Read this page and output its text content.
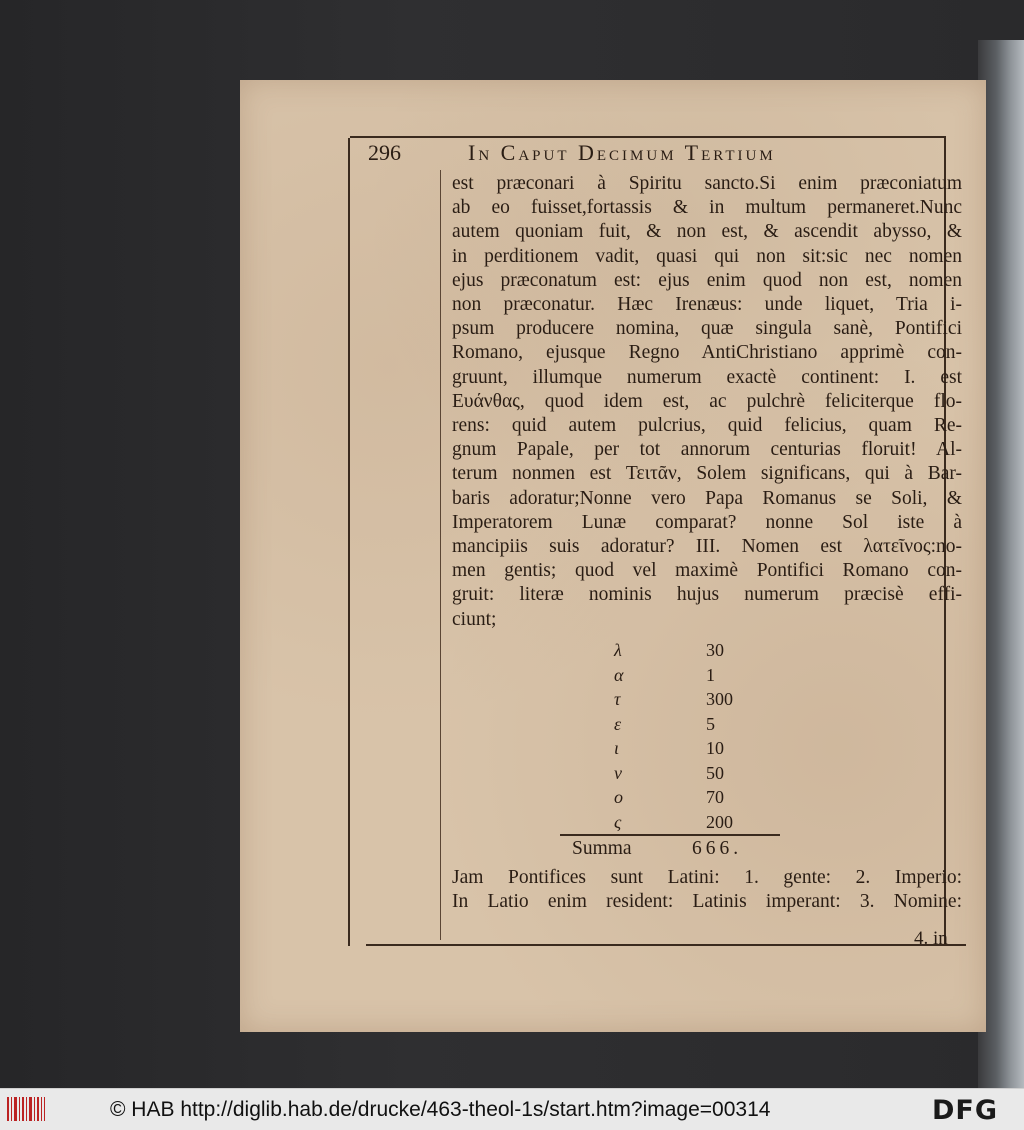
296	In Caput Decimum Tertium
est præconari à Spiritu sancto.Si enim præconiatum
ab eo fuisset,fortassis & in multum permaneret.Nunc
autem quoniam fuit, & non est, & ascendit abysso, &
in perditionem vadit, quasi qui non sit:sic nec nomen
ejus præconatum est: ejus enim quod non est, nomen
non præconatur. Hæc Irenæus: unde liquet, Tria i-
psum producere nomina, quæ singula sanè, Pontifici
Romano, ejusque Regno AntiChristiano apprimè con-
gruunt, illumque numerum exactè continent: I. est
Ευάνθας, quod idem est, ac pulchrè feliciterque flo-
rens: quid autem pulcrius, quid felicius, quam Re-
gnum Papale, per tot annorum centurias floruit! Al-
terum nonmen est Τειτᾶν, Solem significans, qui à Bar-
baris adoratur;Nonne vero Papa Romanus se Soli, &
Imperatorem Lunæ comparat? nonne Sol iste à
mancipiis suis adoratur? III. Nomen est λατεῖνος:no-
men gentis; quod vel maximè Pontifici Romano con-
gruit: literæ nominis hujus numerum præcisè effi-
ciunt;
λ	30
α	1
τ	300
ε	5
ι	10
ν	50
ο	70
ς	200
Summa	666.
Jam Pontifices sunt Latini: 1. gente: 2. Imperio:
In Latio enim resident: Latinis imperant: 3. Nomine:
4. in
© HAB http://diglib.hab.de/drucke/463-theol-1s/start.htm?image=00314	DFG
